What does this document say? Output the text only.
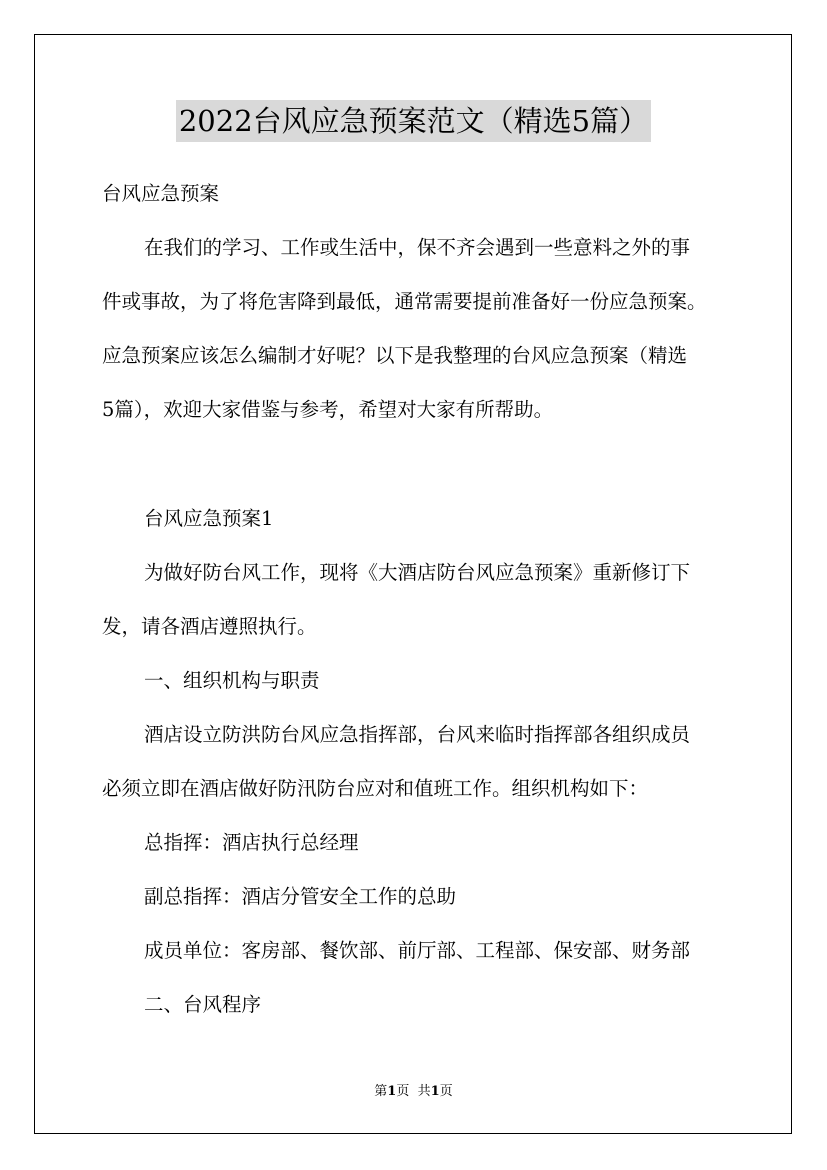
2022台风应急预案范文（精选5篇）
台风应急预案
在我们的学习、工作或生活中，保不齐会遇到一些意料之外的事
件或事故，为了将危害降到最低，通常需要提前准备好一份应急预案。
应急预案应该怎么编制才好呢？以下是我整理的台风应急预案（精选
5篇），欢迎大家借鉴与参考，希望对大家有所帮助。
台风应急预案1
为做好防台风工作，现将《大酒店防台风应急预案》重新修订下
发，请各酒店遵照执行。
一、组织机构与职责
酒店设立防洪防台风应急指挥部，台风来临时指挥部各组织成员
必须立即在酒店做好防汛防台应对和值班工作。组织机构如下：
总指挥：酒店执行总经理
副总指挥：酒店分管安全工作的总助
成员单位：客房部、餐饮部、前厅部、工程部、保安部、财务部
二、台风程序
第1页 共1页
